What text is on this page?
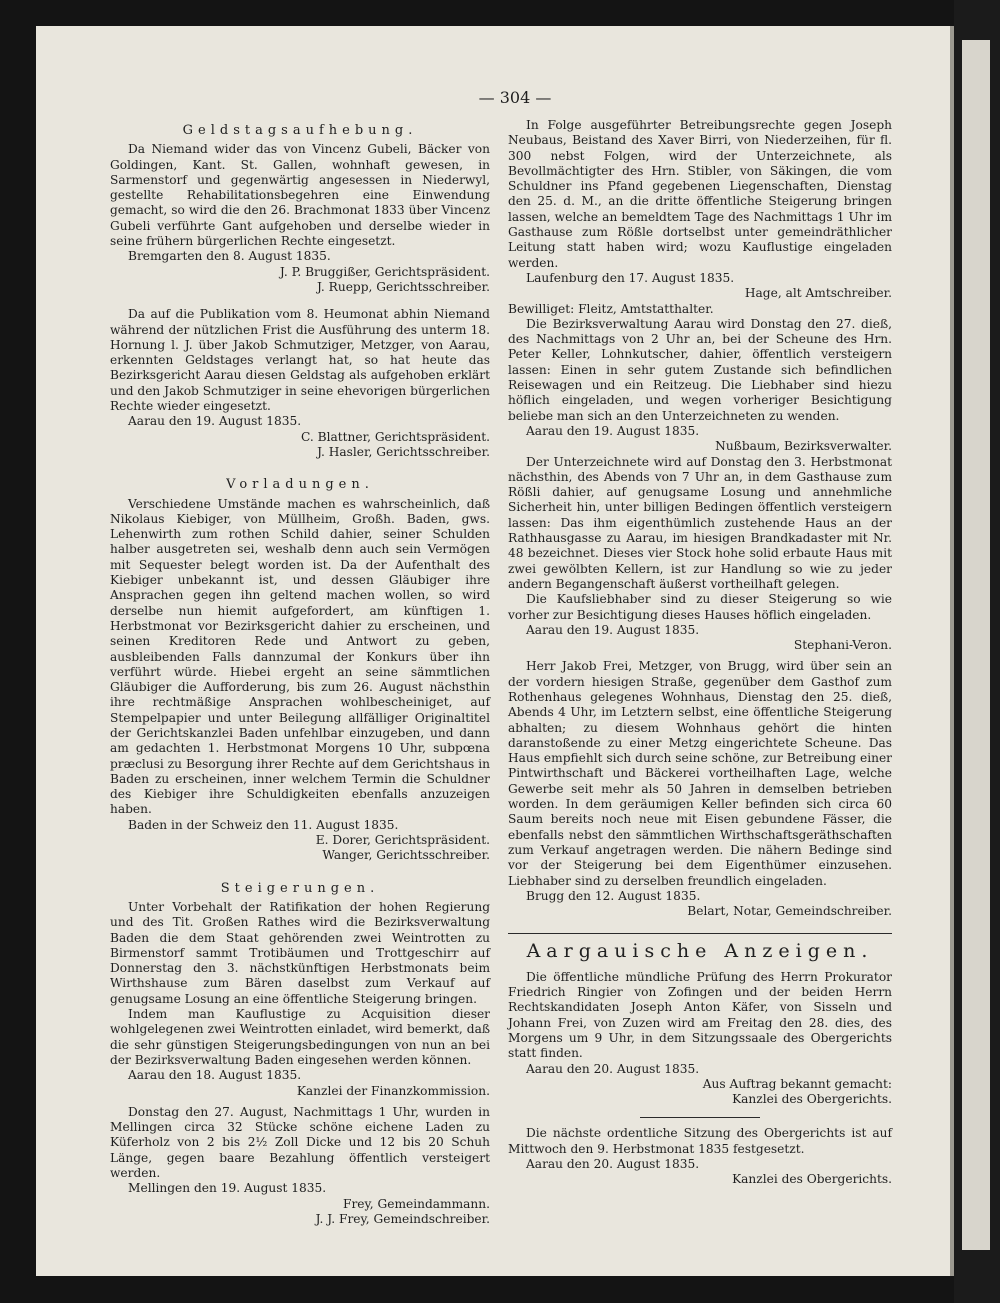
— 304 —
Geldstagsaufhebung.

Da Niemand wider das von Vincenz Gubeli, Bäcker von Goldingen, Kant. St. Gallen, wohnhaft gewesen, in Sarmenstorf und gegenwärtig angesessen in Niederwyl, gestellte Rehabilitationsbegehren eine Einwendung gemacht, so wird die den 26. Brachmonat 1833 über Vincenz Gubeli verführte Gant aufgehoben und derselbe wieder in seine frühern bürgerlichen Rechte eingesetzt.

Bremgarten den 8. August 1835.

J. P. Bruggißer, Gerichtspräsident.
J. Ruepp, Gerichtsschreiber.

Da auf die Publikation vom 8. Heumonat abhin Niemand während der nützlichen Frist die Ausführung des unterm 18. Hornung l. J. über Jakob Schmutziger, Metzger, von Aarau, erkennten Geldstages verlangt hat, so hat heute das Bezirksgericht Aarau diesen Geldstag als aufgehoben erklärt und den Jakob Schmutziger in seine ehevorigen bürgerlichen Rechte wieder eingesetzt.

Aarau den 19. August 1835.

C. Blattner, Gerichtspräsident.
J. Hasler, Gerichtsschreiber.
Vorladungen.

Verschiedene Umstände machen es wahrscheinlich, daß Nikolaus Kiebiger, von Müllheim, Großh. Baden, gws. Lehenwirth zum rothen Schild dahier, seiner Schulden halber ausgetreten sei, weshalb denn auch sein Vermögen mit Sequester belegt worden ist. Da der Aufenthalt des Kiebiger unbekannt ist, und dessen Gläubiger ihre Ansprachen gegen ihn geltend machen wollen, so wird derselbe nun hiemit aufgefordert, am künftigen 1. Herbstmonat vor Bezirksgericht dahier zu erscheinen, und seinen Kreditoren Rede und Antwort zu geben, ausbleibenden Falls dannzumal der Konkurs über ihn verführt würde. Hiebei ergeht an seine sämmtlichen Gläubiger die Aufforderung, bis zum 26. August nächsthin ihre rechtmäßige Ansprachen wohlbescheiniget, auf Stempelpapier und unter Beilegung allfälliger Originaltitel der Gerichtskanzlei Baden unfehlbar einzugeben, und dann am gedachten 1. Herbstmonat Morgens 10 Uhr, subpœna præclusi zu Besorgung ihrer Rechte auf dem Gerichtshaus in Baden zu erscheinen, inner welchem Termin die Schuldner des Kiebiger ihre Schuldigkeiten ebenfalls anzuzeigen haben.

Baden in der Schweiz den 11. August 1835.

E. Dorer, Gerichtspräsident.
Wanger, Gerichtsschreiber.
Steigerungen.

Unter Vorbehalt der Ratifikation der hohen Regierung und des Tit. Großen Rathes wird die Bezirksverwaltung Baden die dem Staat gehörenden zwei Weintrotten zu Birmenstorf sammt Trotibäumen und Trottgeschirr auf Donnerstag den 3. nächstkünftigen Herbstmonats beim Wirthshause zum Bären daselbst zum Verkauf auf genugsame Losung an eine öffentliche Steigerung bringen.

Indem man Kauflustige zu Acquisition dieser wohlgelegenen zwei Weintrotten einladet, wird bemerkt, daß die sehr günstigen Steigerungsbedingungen von nun an bei der Bezirksverwaltung Baden eingesehen werden können.

Aarau den 18. August 1835.

Kanzlei der Finanzkommission.

Donstag den 27. August, Nachmittags 1 Uhr, wurden in Mellingen circa 32 Stücke schöne eichene Laden zu Küferholz von 2 bis 2½ Zoll Dicke und 12 bis 20 Schuh Länge, gegen baare Bezahlung öffentlich versteigert werden.

Mellingen den 19. August 1835.

Frey, Gemeindammann.
J. J. Frey, Gemeindschreiber.

In Folge ausgeführter Betreibungsrechte gegen Joseph Neubaus, Beistand des Xaver Birri, von Niederzeihen, für fl. 300 nebst Folgen, wird der Unterzeichnete, als Bevollmächtigter des Hrn. Stibler, von Säkingen, die vom Schuldner ins Pfand gegebenen Liegenschaften, Dienstag den 25. d. M., an die dritte öffentliche Steigerung bringen lassen, welche an bemeldtem Tage des Nachmittags 1 Uhr im Gasthause zum Rößle dortselbst unter gemeindräthlicher Leitung statt haben wird; wozu Kauflustige eingeladen werden.

Laufenburg den 17. August 1835.

Hage, alt Amtschreiber.
Bewilliget: Fleitz, Amtstatthalter.

Die Bezirksverwaltung Aarau wird Donstag den 27. dieß, des Nachmittags von 2 Uhr an, bei der Scheune des Hrn. Peter Keller, Lohnkutscher, dahier, öffentlich versteigern lassen: Einen in sehr gutem Zustande sich befindlichen Reisewagen und ein Reitzeug. Die Liebhaber sind hiezu höflich eingeladen, und wegen vorheriger Besichtigung beliebe man sich an den Unterzeichneten zu wenden.

Aarau den 19. August 1835.

Nußbaum, Bezirksverwalter.

Der Unterzeichnete wird auf Donstag den 3. Herbstmonat nächsthin, des Abends von 7 Uhr an, in dem Gasthause zum Rößli dahier, auf genugsame Losung und annehmliche Sicherheit hin, unter billigen Bedingen öffentlich versteigern lassen: Das ihm eigenthümlich zustehende Haus an der Rathhausgasse zu Aarau, im hiesigen Brandkadaster mit Nr. 48 bezeichnet. Dieses vier Stock hohe solid erbaute Haus mit zwei gewölbten Kellern, ist zur Handlung so wie zu jeder andern Begangenschaft äußerst vortheilhaft gelegen.

Die Kaufsliebhaber sind zu dieser Steigerung so wie vorher zur Besichtigung dieses Hauses höflich eingeladen.

Aarau den 19. August 1835.

Stephani-Veron.

Herr Jakob Frei, Metzger, von Brugg, wird über sein an der vordern hiesigen Straße, gegenüber dem Gasthof zum Rothenhaus gelegenes Wohnhaus, Dienstag den 25. dieß, Abends 4 Uhr, im Letztern selbst, eine öffentliche Steigerung abhalten; zu diesem Wohnhaus gehört die hinten daranstoßende zu einer Metzg eingerichtete Scheune. Das Haus empfiehlt sich durch seine schöne, zur Betreibung einer Pintwirthschaft und Bäckerei vortheilhaften Lage, welche Gewerbe seit mehr als 50 Jahren in demselben betrieben worden. In dem geräumigen Keller befinden sich circa 60 Saum bereits noch neue mit Eisen gebundene Fässer, die ebenfalls nebst den sämmtlichen Wirthschaftsgeräthschaften zum Verkauf angetragen werden. Die nähern Bedinge sind vor der Steigerung bei dem Eigenthümer einzusehen. Liebhaber sind zu derselben freundlich eingeladen.

Brugg den 12. August 1835.

Belart, Notar, Gemeindschreiber.
Aargauische Anzeigen.

Die öffentliche mündliche Prüfung des Herrn Prokurator Friedrich Ringier von Zofingen und der beiden Herrn Rechtskandidaten Joseph Anton Käfer, von Sisseln und Johann Frei, von Zuzen wird am Freitag den 28. dies, des Morgens um 9 Uhr, in dem Sitzungssaale des Obergerichts statt finden.

Aarau den 20. August 1835.

Aus Auftrag bekannt gemacht:
Kanzlei des Obergerichts.

Die nächste ordentliche Sitzung des Obergerichts ist auf Mittwoch den 9. Herbstmonat 1835 festgesetzt.

Aarau den 20. August 1835.

Kanzlei des Obergerichts.
